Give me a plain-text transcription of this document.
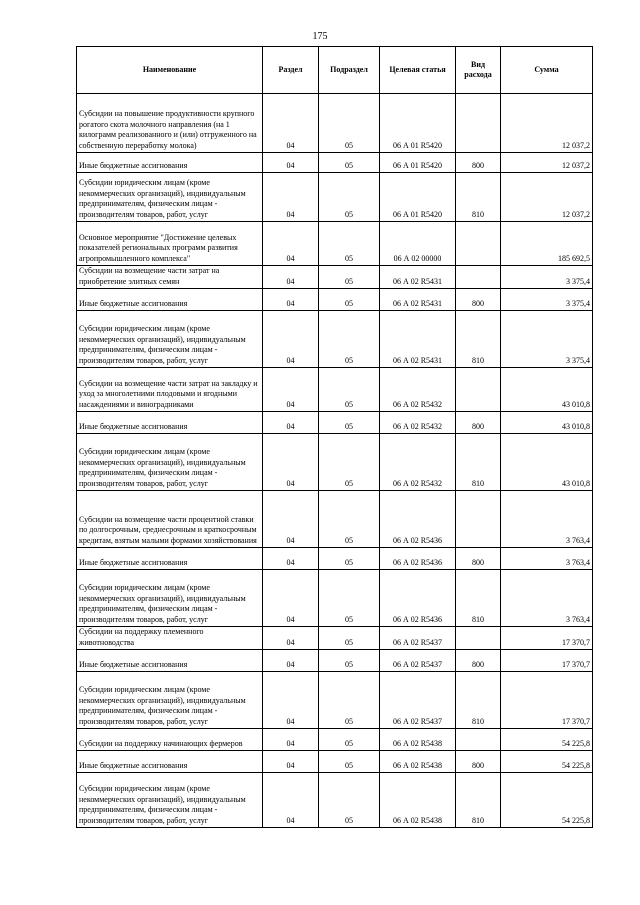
175
Наименование	Раздел	Подраздел	Целевая статья	Вид расхода	Сумма
Субсидии на повышение продуктивности крупного рогатого скота молочного направления (на 1 килограмм реализованного и (или) отгруженного на собственную переработку молока)	04	05	06 А 01 R5420		12 037,2
Иные бюджетные ассигнования	04	05	06 А 01 R5420	800	12 037,2
Субсидии юридическим лицам (кроме некоммерческих организаций), индивидуальным предпринимателям, физическим лицам - производителям товаров, работ, услуг	04	05	06 А 01 R5420	810	12 037,2
Основное мероприятие "Достижение целевых показателей региональных программ развития агропромышленного комплекса"	04	05	06 А 02 00000		185 692,5
Субсидии на возмещение части затрат на приобретение элитных семян	04	05	06 А 02 R5431		3 375,4
Иные бюджетные ассигнования	04	05	06 А 02 R5431	800	3 375,4
Субсидии юридическим лицам (кроме некоммерческих организаций), индивидуальным предпринимателям, физическим лицам - производителям товаров, работ, услуг	04	05	06 А 02 R5431	810	3 375,4
Субсидии на возмещение части затрат на закладку и уход за многолетними плодовыми и ягодными насаждениями и виноградниками	04	05	06 А 02 R5432		43 010,8
Иные бюджетные ассигнования	04	05	06 А 02 R5432	800	43 010,8
Субсидии юридическим лицам (кроме некоммерческих организаций), индивидуальным предпринимателям, физическим лицам - производителям товаров, работ, услуг	04	05	06 А 02 R5432	810	43 010,8
Субсидии на возмещение части процентной ставки по долгосрочным, среднесрочным и краткосрочным кредитам, взятым малыми формами хозяйствования	04	05	06 А 02 R5436		3 763,4
Иные бюджетные ассигнования	04	05	06 А 02 R5436	800	3 763,4
Субсидии юридическим лицам (кроме некоммерческих организаций), индивидуальным предпринимателям, физическим лицам - производителям товаров, работ, услуг	04	05	06 А 02 R5436	810	3 763,4
Субсидии на поддержку племенного животноводства	04	05	06 А 02 R5437		17 370,7
Иные бюджетные ассигнования	04	05	06 А 02 R5437	800	17 370,7
Субсидии юридическим лицам (кроме некоммерческих организаций), индивидуальным предпринимателям, физическим лицам - производителям товаров, работ, услуг	04	05	06 А 02 R5437	810	17 370,7
Субсидии на поддержку начинающих фермеров	04	05	06 А 02 R5438		54 225,8
Иные бюджетные ассигнования	04	05	06 А 02 R5438	800	54 225,8
Субсидии юридическим лицам (кроме некоммерческих организаций), индивидуальным предпринимателям, физическим лицам - производителям товаров, работ, услуг	04	05	06 А 02 R5438	810	54 225,8
